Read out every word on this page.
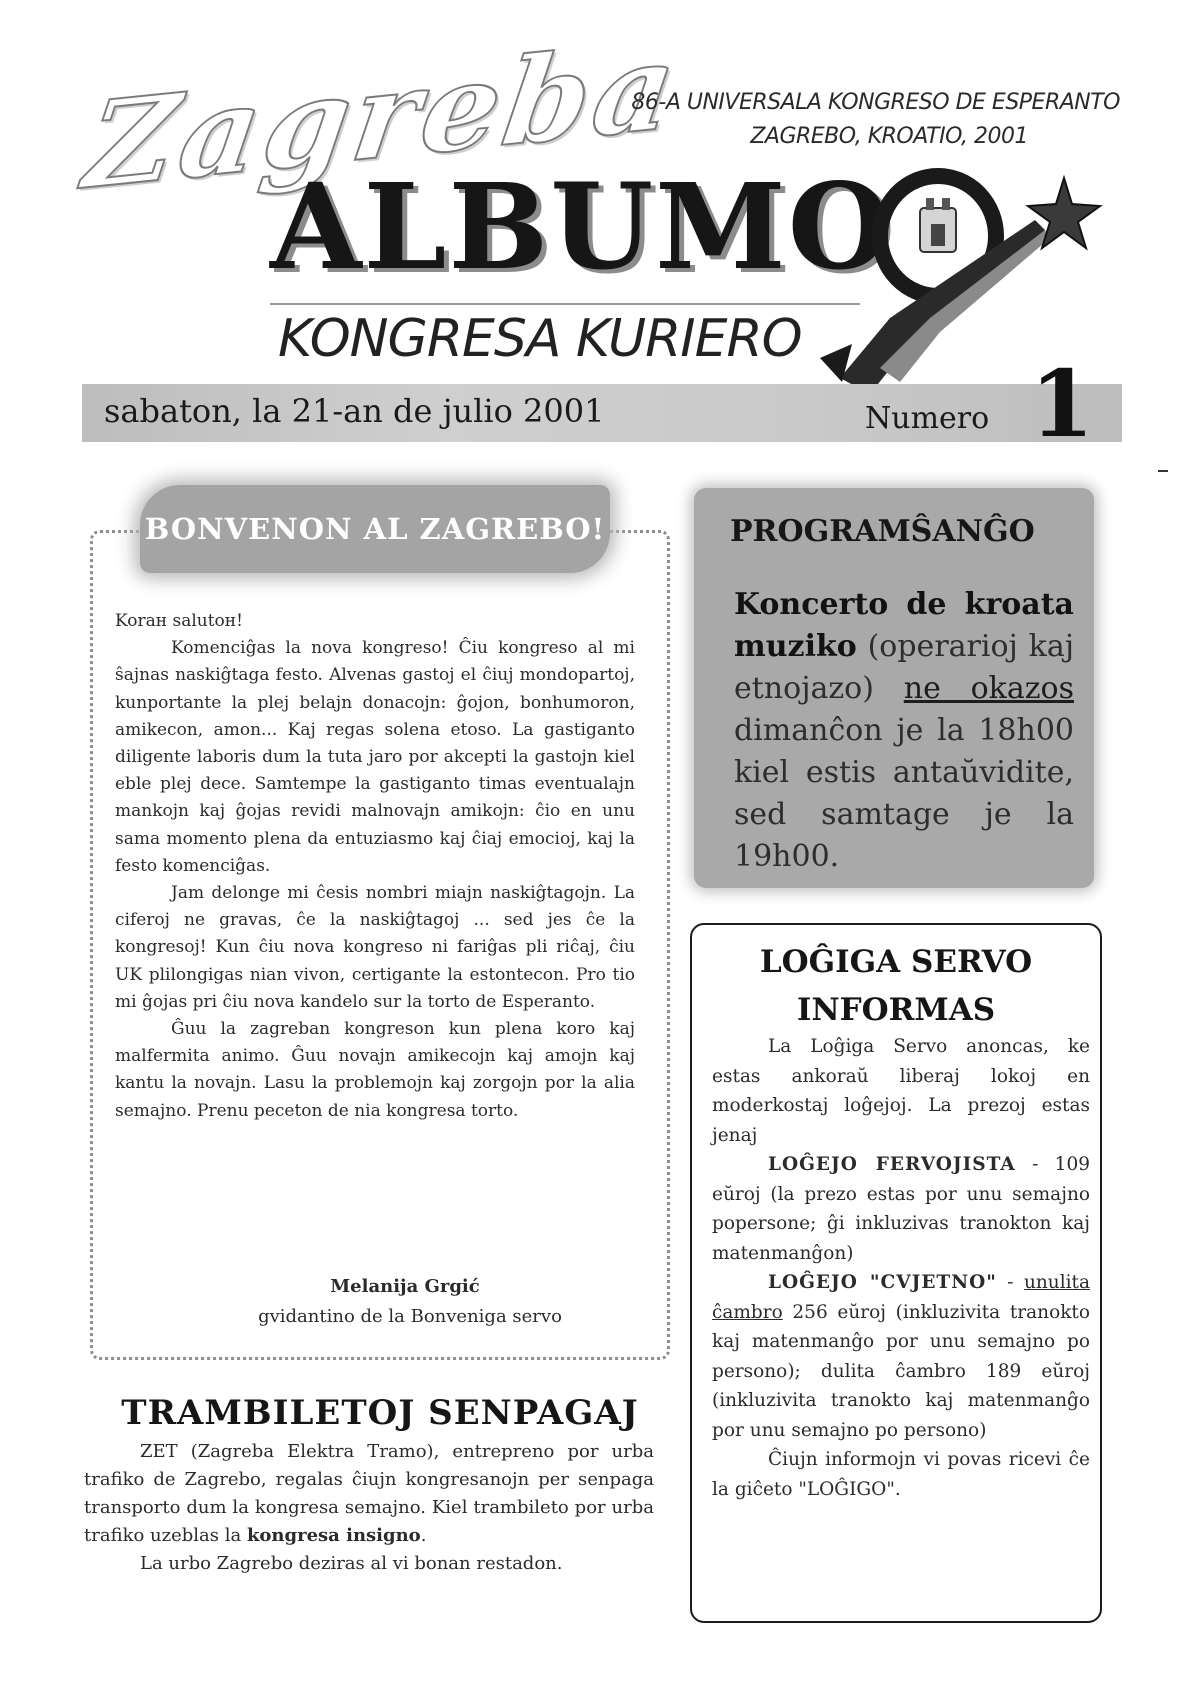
Zagreba
86-A UNIVERSALA KONGRESO DE ESPERANTO
ZAGREBO, KROATIO, 2001
ALBUMO
KONGRESA KURIERO
sabaton, la 21-an de julio 2001	Numero 1
BONVENON AL ZAGREBO!

Koraн salutoн!

Komenciĝas la nova kongreso! Ĉiu kongreso al mi ŝajnas naskiĝtaga festo. Alvenas gastoj el ĉiuj mondopartoj, kunportante la plej belajn donacojn: ĝojon, bonhumoron, amikecon, amon... Kaj regas solena etoso. La gastiganto diligente laboris dum la tuta jaro por akcepti la gastojn kiel eble plej dece. Samtempe la gastiganto timas eventualajn mankojn kaj ĝojas revidi malnovajn amikojn: ĉio en unu sama momento plena da entuziasmo kaj ĉiaj emocioj, kaj la festo komenciĝas.

Jam delonge mi ĉesis nombri miajn naskiĝtagojn. La ciferoj ne gravas, ĉe la naskiĝtagoj ... sed jes ĉe la kongresoj! Kun ĉiu nova kongreso ni fariĝas pli riĉaj, ĉiu UK plilongigas nian vivon, certigante la estontecon. Pro tio mi ĝojas pri ĉiu nova kandelo sur la torto de Esperanto.

Ĝuu la zagreban kongreson kun plena koro kaj malfermita animo. Ĝuu novajn amikecojn kaj amojn kaj kantu la novajn. Lasu la problemojn kaj zorgojn por la alia semajno. Prenu peceton de nia kongresa torto.

Melanija Grgić
gvidantino de la Bonveniga servo
TRAMBILETOJ SENPAGAJ

ZET (Zagreba Elektra Tramo), entreprenо por urba trafiko de Zagrebo, regalas ĉiujn kongresanojn per senpaga transporto dum la kongresa semajno. Kiel trambileto por urba trafiko uzeblas la kongresa insigno.

La urbo Zagrebo deziras al vi bonan restadon.

PROGRAMŜANĜO
Koncerto de kroata muziko (operarioj kaj etnojazo) ne okazos dimanĉon je la 18h00 kiel estis antaŭvidite, sed samtage je la 19h00.
LOĜIGA SERVO INFORMAS

La Loĝiga Servo anoncas, ke estas ankoraŭ liberaj lokoj en moderkostaj loĝejoj. La prezoj estas jenaj

LOĜEJO FERVOJISTA - 109 eŭroj (la prezo estas por unu semajno popersone; ĝi inkluzivas tranokton kaj matenmanĝon)

LOĜEJO "CVJETNO" - unulita ĉambro 256 eŭroj (inkluzivita tranokto kaj matenmanĝo por unu semajno po persono); dulita ĉambro 189 eŭroj (inkluzivita tranokto kaj matenmanĝo por unu semajno po persono)

Ĉiujn informojn vi povas ricevi ĉe la giĉeto "LOĜIGO".
